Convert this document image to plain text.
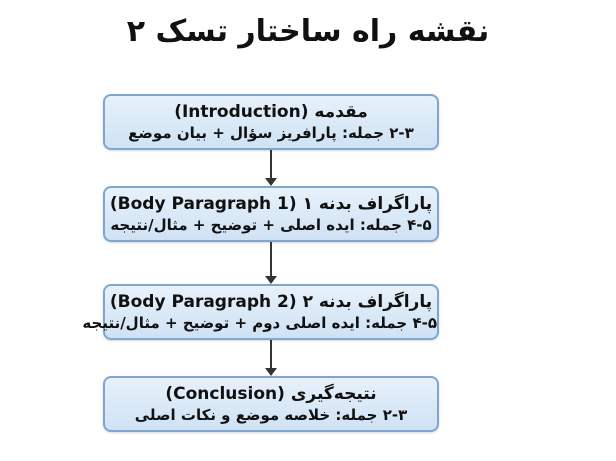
نقشه راه ساختار تسک ۲
مقدمه (Introduction)
۲-۳ جمله: پارافریز سؤال + بیان موضع
پاراگراف بدنه ۱ (Body Paragraph 1)
۴-۵ جمله: ایده اصلی + توضیح + مثال/نتیجه
پاراگراف بدنه ۲ (Body Paragraph 2)
۴-۵ جمله: ایده اصلی دوم + توضیح + مثال/نتیجه
نتیجه‌گیری (Conclusion)
۲-۳ جمله: خلاصه موضع و نکات اصلی
